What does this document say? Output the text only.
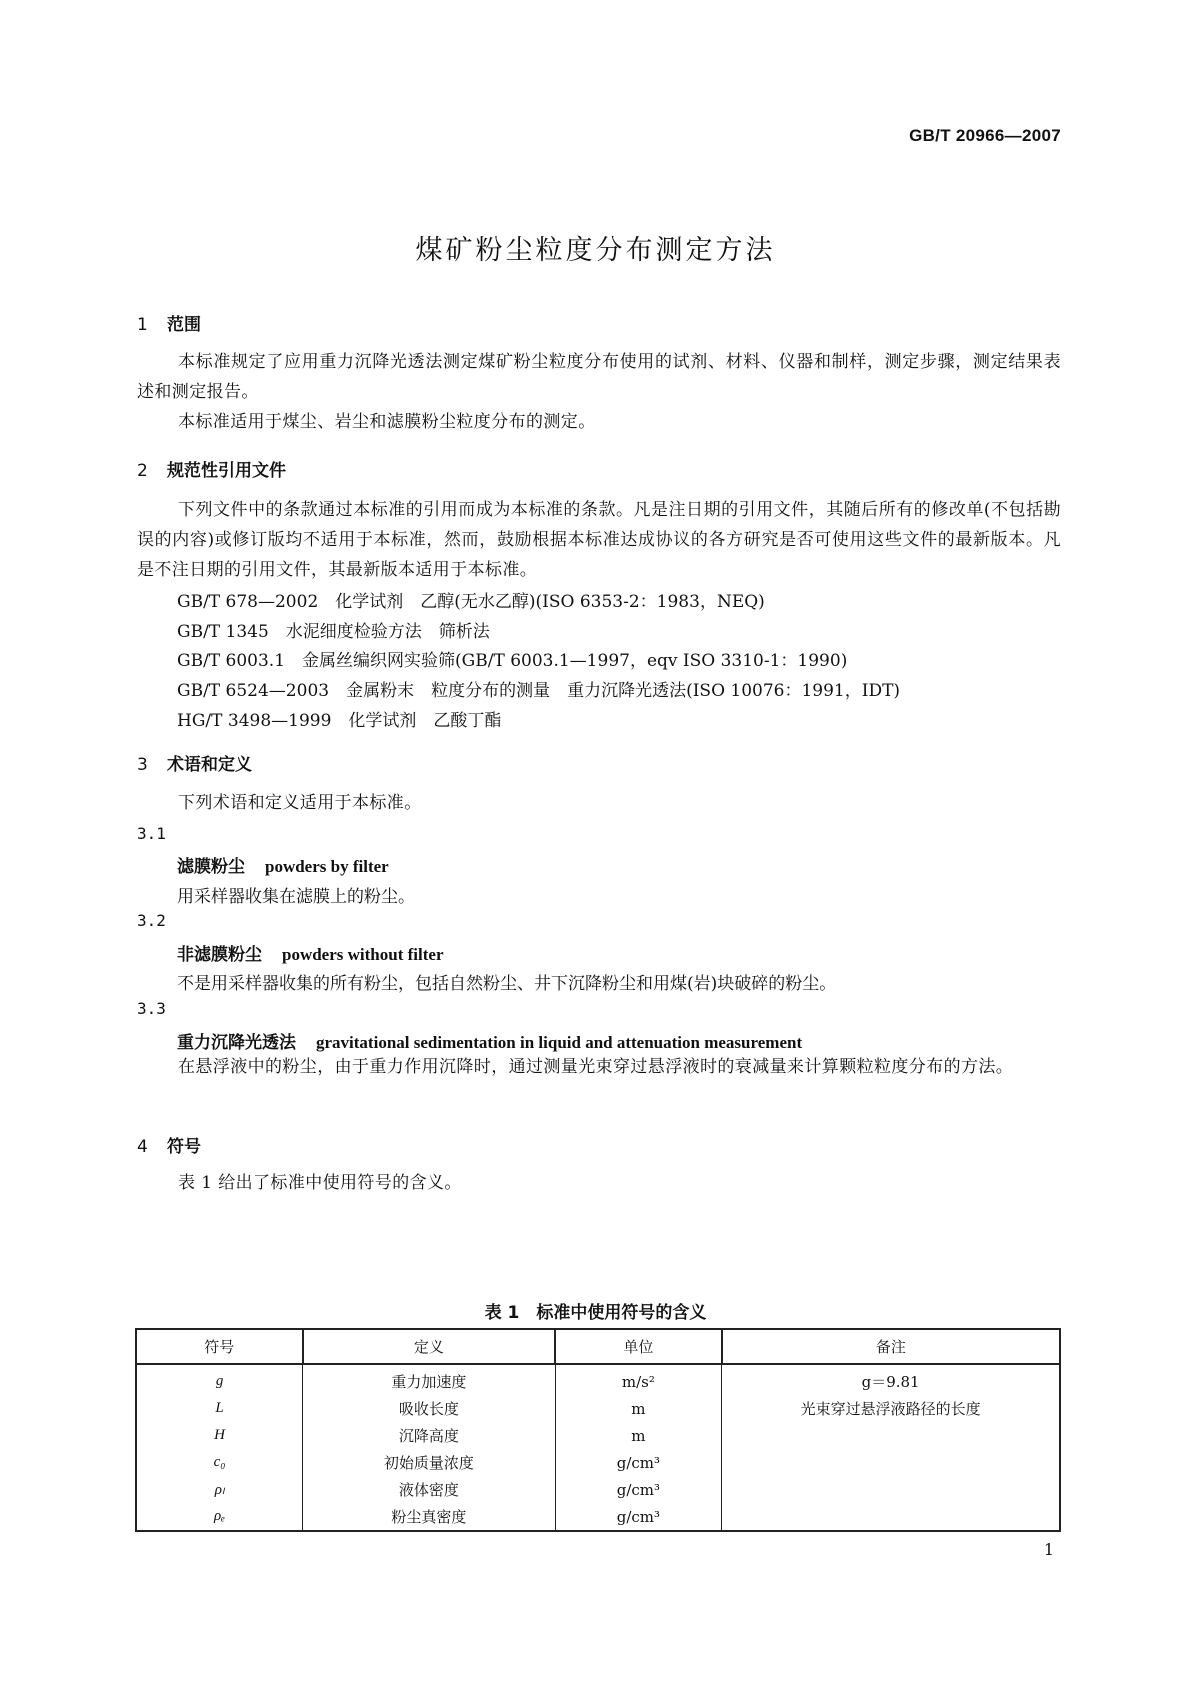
GB/T 20966—2007
煤矿粉尘粒度分布测定方法
1 范围
本标准规定了应用重力沉降光透法测定煤矿粉尘粒度分布使用的试剂、材料、仪器和制样，测定步骤，测定结果表述和测定报告。
本标准适用于煤尘、岩尘和滤膜粉尘粒度分布的测定。
2 规范性引用文件
下列文件中的条款通过本标准的引用而成为本标准的条款。凡是注日期的引用文件，其随后所有的修改单(不包括勘误的内容)或修订版均不适用于本标准，然而，鼓励根据本标准达成协议的各方研究是否可使用这些文件的最新版本。凡是不注日期的引用文件，其最新版本适用于本标准。
GB/T 678—2002　化学试剂　乙醇(无水乙醇)(ISO 6353-2：1983，NEQ)
GB/T 1345　水泥细度检验方法　筛析法
GB/T 6003.1　金属丝编织网实验筛(GB/T 6003.1—1997，eqv ISO 3310-1：1990)
GB/T 6524—2003　金属粉末　粒度分布的测量　重力沉降光透法(ISO 10076：1991，IDT)
HG/T 3498—1999　化学试剂　乙酸丁酯
3 术语和定义
下列术语和定义适用于本标准。
3.1
滤膜粉尘 powders by filter
用采样器收集在滤膜上的粉尘。
3.2
非滤膜粉尘 powders without filter
不是用采样器收集的所有粉尘，包括自然粉尘、井下沉降粉尘和用煤(岩)块破碎的粉尘。
3.3
重力沉降光透法 gravitational sedimentation in liquid and attenuation measurement
在悬浮液中的粉尘，由于重力作用沉降时，通过测量光束穿过悬浮液时的衰减量来计算颗粒粒度分布的方法。
4 符号
表 1 给出了标准中使用符号的含义。
表 1　标准中使用符号的含义
符号	定义	单位	备注
g	重力加速度	m/s²	g＝9.81
L	吸收长度	m	光束穿过悬浮液路径的长度
H	沉降高度	m	
c₀	初始质量浓度	g/cm³	
ρₗ	液体密度	g/cm³	
ρₑ	粉尘真密度	g/cm³	
1
